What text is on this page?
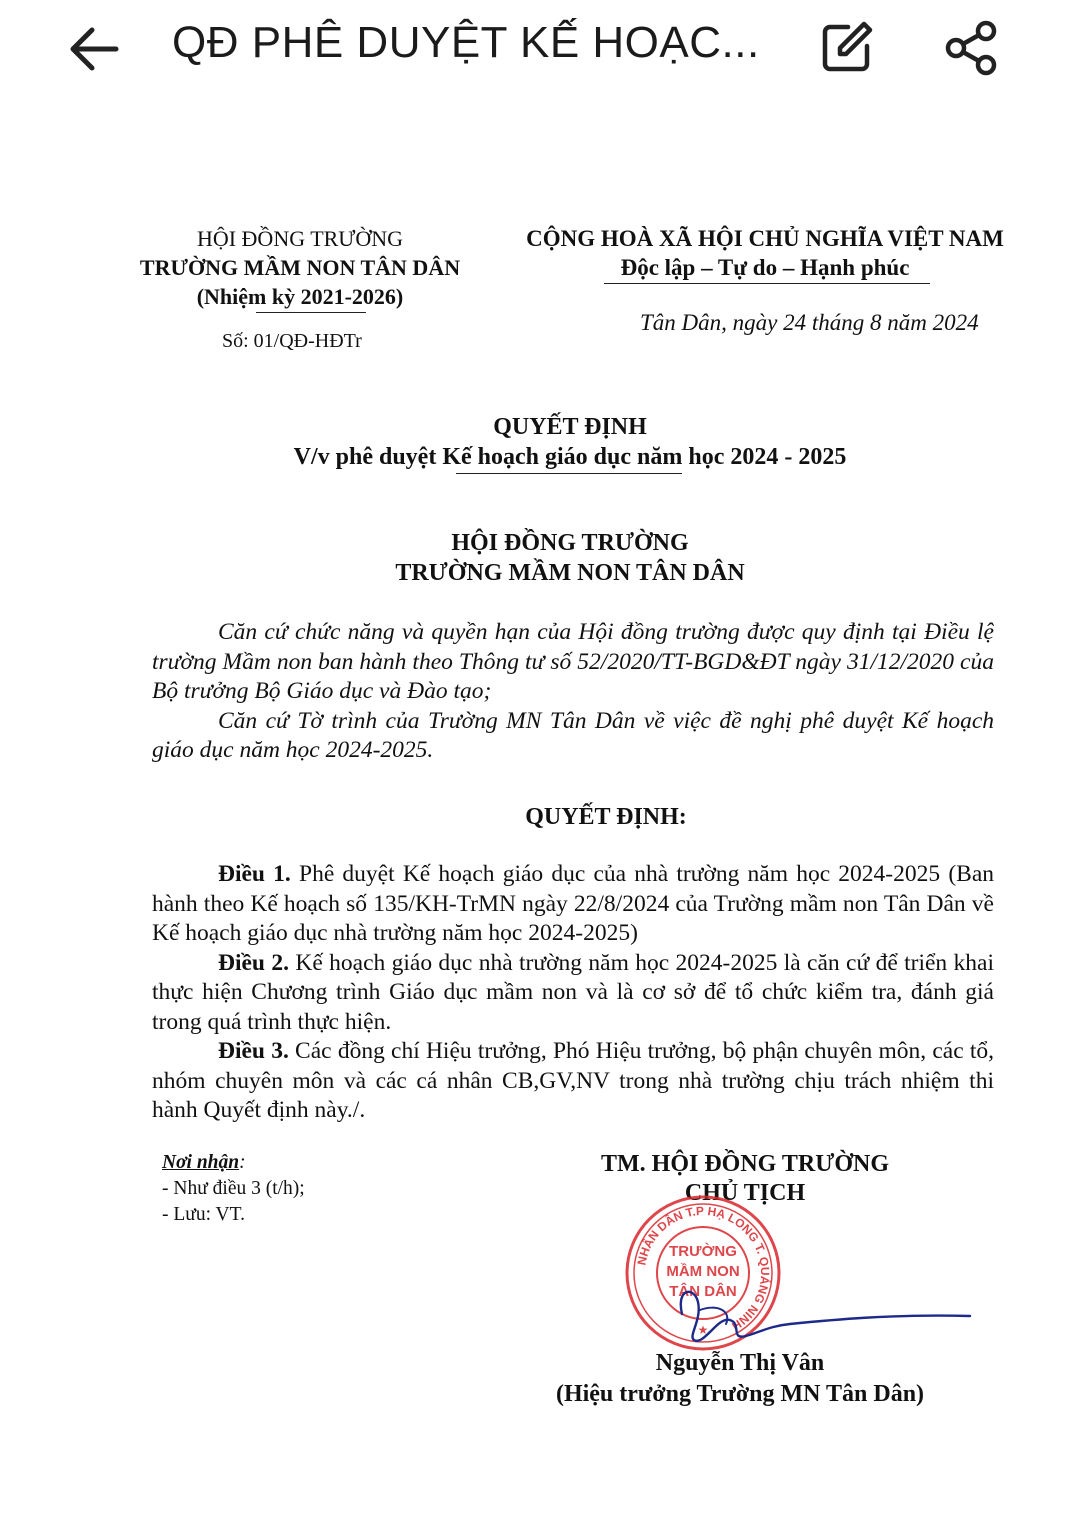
QĐ PHÊ DUYỆT KẾ HOẠC...
HỘI ĐỒNG TRƯỜNG
TRƯỜNG MẦM NON TÂN DÂN
(Nhiệm kỳ 2021-2026)
Số: 01/QĐ-HĐTr
CỘNG HOÀ XÃ HỘI CHỦ NGHĨA VIỆT NAM
Độc lập – Tự do – Hạnh phúc
Tân Dân, ngày 24 tháng 8 năm 2024
QUYẾT ĐỊNH
V/v phê duyệt Kế hoạch giáo dục năm học 2024 - 2025
HỘI ĐỒNG TRƯỜNG
TRƯỜNG MẦM NON TÂN DÂN

Căn cứ chức năng và quyền hạn của Hội đồng trường được quy định tại Điều lệ trường Mầm non ban hành theo Thông tư số 52/2020/TT-BGD&ĐT ngày 31/12/2020 của Bộ trưởng Bộ Giáo dục và Đào tạo;

Căn cứ Tờ trình của Trường MN Tân Dân về việc đề nghị phê duyệt Kế hoạch giáo dục năm học 2024-2025.

QUYẾT ĐỊNH:

Điều 1. Phê duyệt Kế hoạch giáo dục của nhà trường năm học 2024-2025 (Ban hành theo Kế hoạch số 135/KH-TrMN ngày 22/8/2024 của Trường mầm non Tân Dân về Kế hoạch giáo dục nhà trường năm học 2024-2025)

Điều 2. Kế hoạch giáo dục nhà trường năm học 2024-2025 là căn cứ để triển khai thực hiện Chương trình Giáo dục mầm non và là cơ sở để tổ chức kiểm tra, đánh giá trong quá trình thực hiện.

Điều 3. Các đồng chí Hiệu trưởng, Phó Hiệu trưởng, bộ phận chuyên môn, các tổ, nhóm chuyên môn và các cá nhân CB,GV,NV trong nhà trường chịu trách nhiệm thi hành Quyết định này./.

Nơi nhận:
- Như điều 3 (t/h);
- Lưu: VT.
TM. HỘI ĐỒNG TRƯỜNG
CHỦ TỊCH
NHÂN DÂN T.P HẠ LONG T. QUẢNG NINH
TRƯỜNG
MẦM NON
TÂN DÂN
★
Nguyễn Thị Vân
(Hiệu trưởng Trường MN Tân Dân)
